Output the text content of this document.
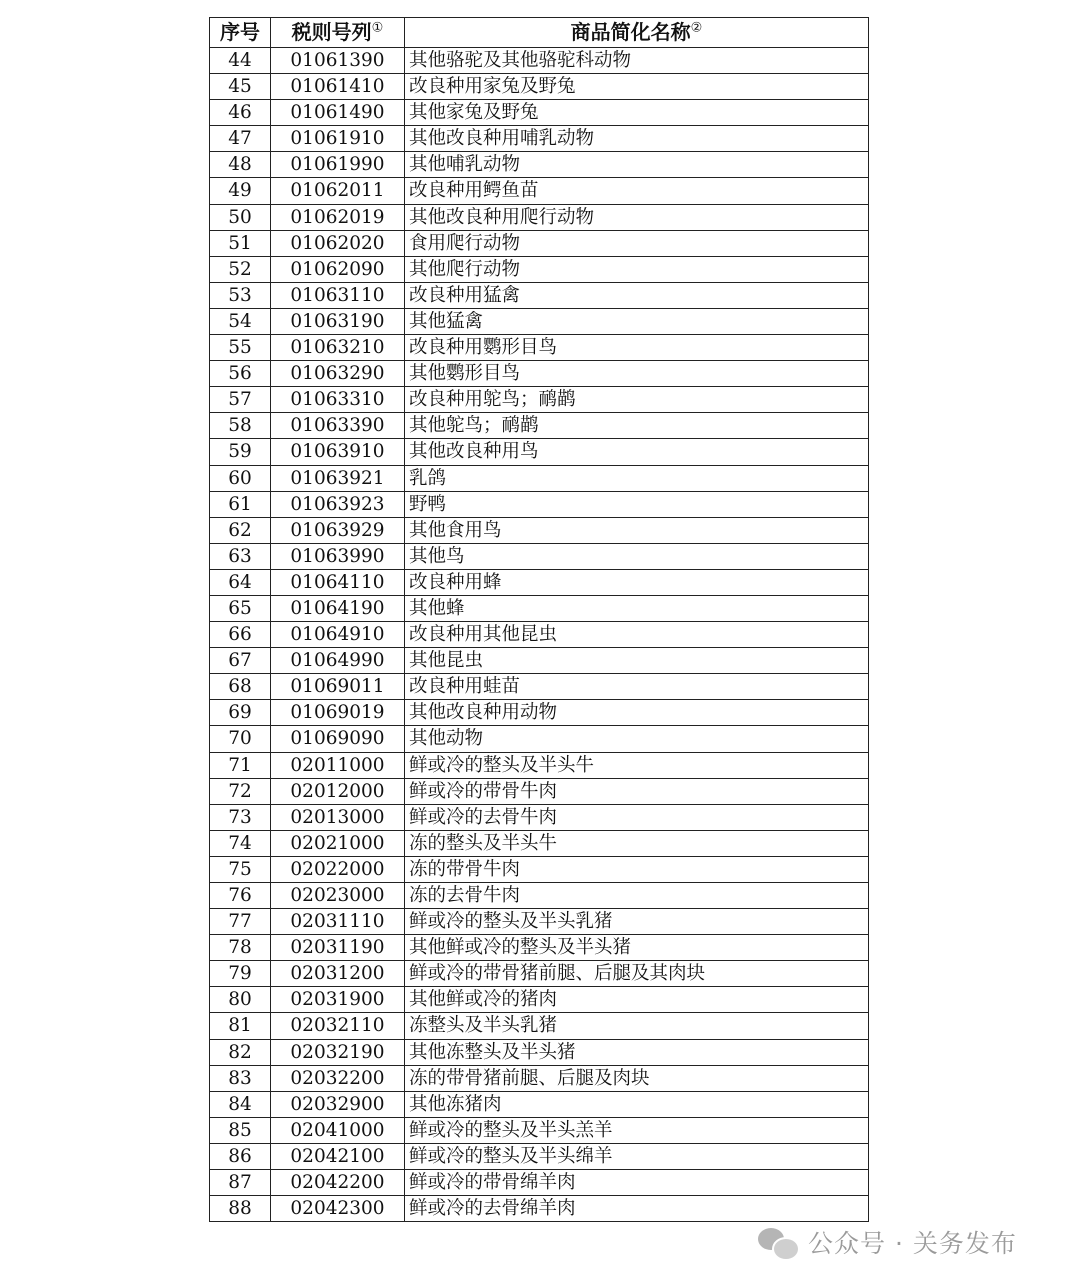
序号	税则号列①	商品简化名称②
44	01061390	其他骆驼及其他骆驼科动物
45	01061410	改良种用家兔及野兔
46	01061490	其他家兔及野兔
47	01061910	其他改良种用哺乳动物
48	01061990	其他哺乳动物
49	01062011	改良种用鳄鱼苗
50	01062019	其他改良种用爬行动物
51	01062020	食用爬行动物
52	01062090	其他爬行动物
53	01063110	改良种用猛禽
54	01063190	其他猛禽
55	01063210	改良种用鹦形目鸟
56	01063290	其他鹦形目鸟
57	01063310	改良种用鸵鸟；鸸鹋
58	01063390	其他鸵鸟；鸸鹋
59	01063910	其他改良种用鸟
60	01063921	乳鸽
61	01063923	野鸭
62	01063929	其他食用鸟
63	01063990	其他鸟
64	01064110	改良种用蜂
65	01064190	其他蜂
66	01064910	改良种用其他昆虫
67	01064990	其他昆虫
68	01069011	改良种用蛙苗
69	01069019	其他改良种用动物
70	01069090	其他动物
71	02011000	鲜或冷的整头及半头牛
72	02012000	鲜或冷的带骨牛肉
73	02013000	鲜或冷的去骨牛肉
74	02021000	冻的整头及半头牛
75	02022000	冻的带骨牛肉
76	02023000	冻的去骨牛肉
77	02031110	鲜或冷的整头及半头乳猪
78	02031190	其他鲜或冷的整头及半头猪
79	02031200	鲜或冷的带骨猪前腿、后腿及其肉块
80	02031900	其他鲜或冷的猪肉
81	02032110	冻整头及半头乳猪
82	02032190	其他冻整头及半头猪
83	02032200	冻的带骨猪前腿、后腿及肉块
84	02032900	其他冻猪肉
85	02041000	鲜或冷的整头及半头羔羊
86	02042100	鲜或冷的整头及半头绵羊
87	02042200	鲜或冷的带骨绵羊肉
88	02042300	鲜或冷的去骨绵羊肉
公众号 · 关务发布
